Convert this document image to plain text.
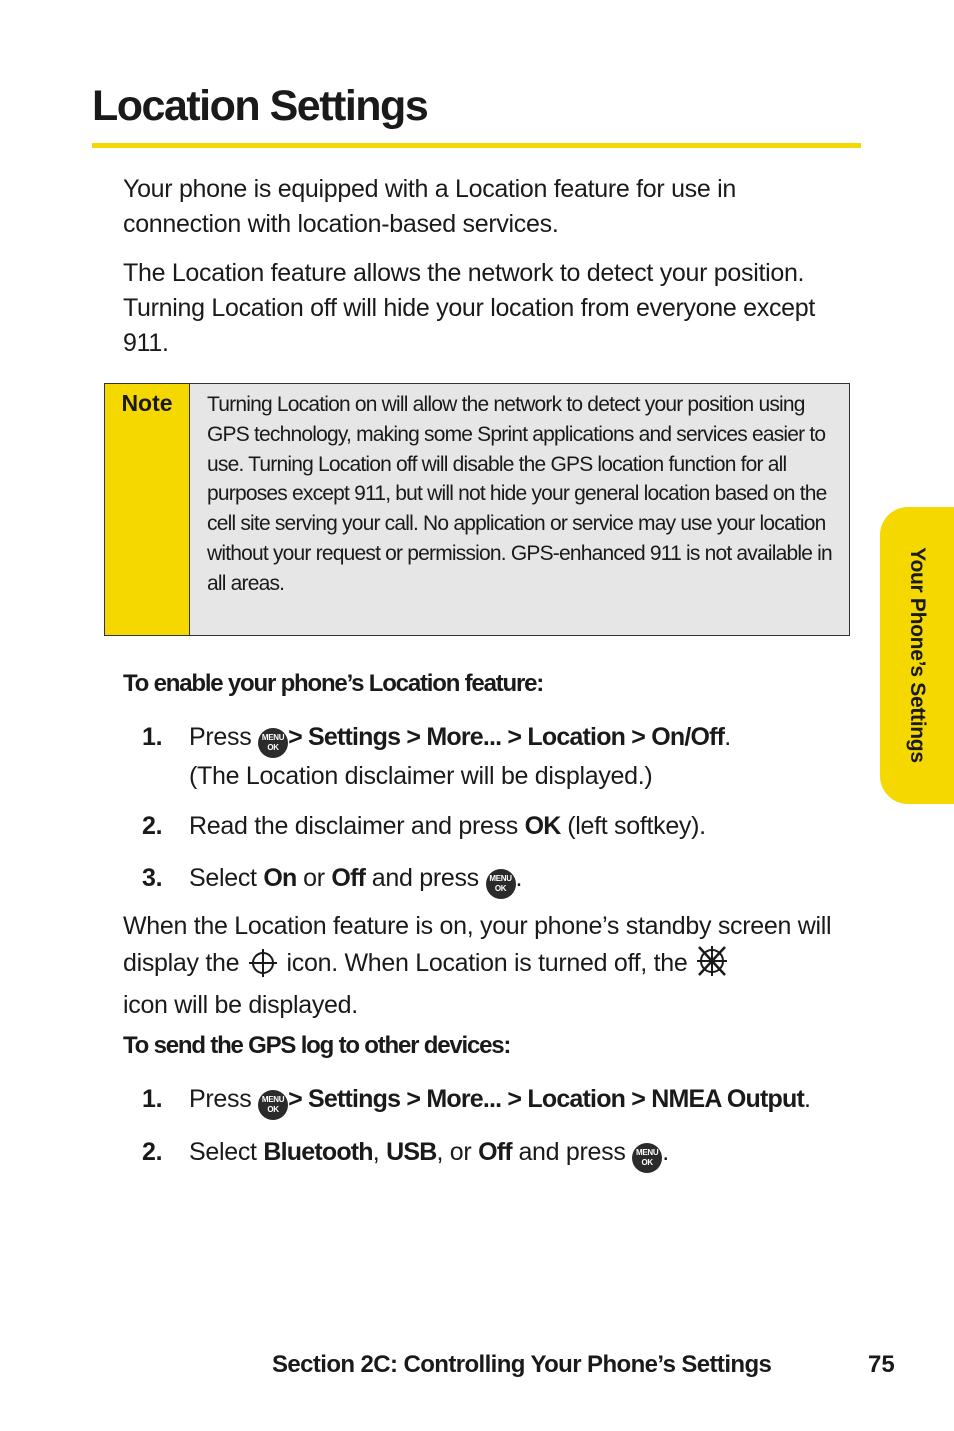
Location Settings

Your phone is equipped with a Location feature for use in connection with location-based services.

The Location feature allows the network to detect your position. Turning Location off will hide your location from everyone except 911.

Note	Turning Location on will allow the network to detect your position using GPS technology, making some Sprint applications and services easier to use. Turning Location off will disable the GPS location function for all purposes except 911, but will not hide your general location based on the cell site serving your call. No application or service may use your location without your request or permission. GPS-enhanced 911 is not available in all areas.
To enable your phone’s Location feature:
1. Press MENU
OK > Settings > More... > Location > On/Off.
(The Location disclaimer will be displayed.)
2. Read the disclaimer and press OK (left softkey).
3. Select On or Off and press MENU
OK .

When the Location feature is on, your phone’s standby screen will display the icon. When Location is turned off, the
icon will be displayed.

To send the GPS log to other devices:
1. Press MENU
OK > Settings > More... > Location > NMEA Output.
2. Select Bluetooth, USB, or Off and press MENU
OK .
Your Phone’s Settings
Section 2C: Controlling Your Phone’s Settings	75
